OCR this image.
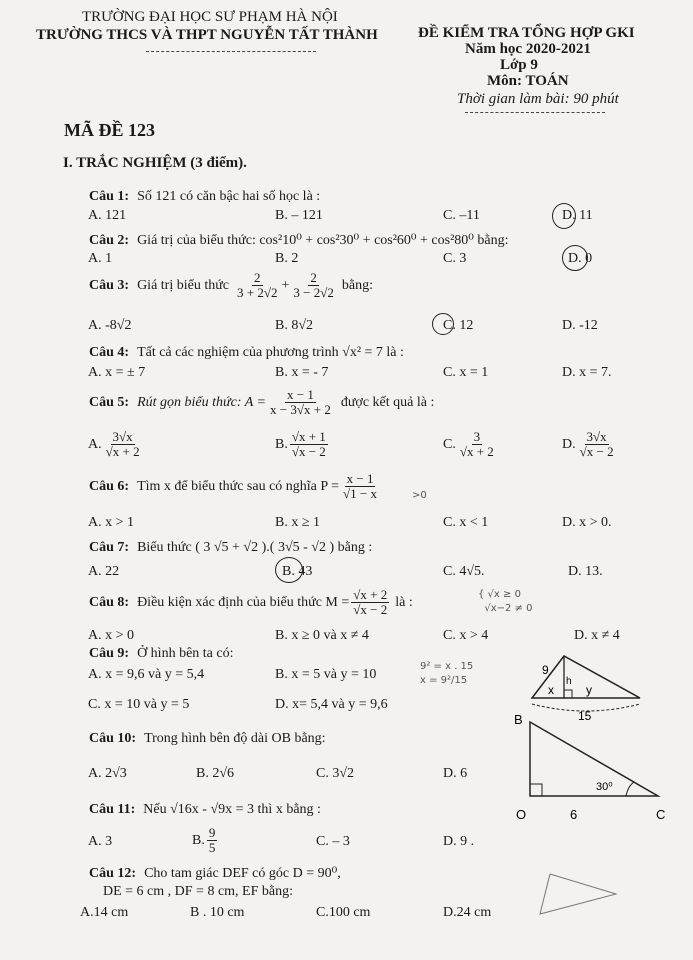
TRƯỜNG ĐẠI HỌC SƯ PHẠM HÀ NỘI
TRƯỜNG THCS VÀ THPT NGUYỄN TẤT THÀNH	ĐỀ KIỂM TRA TỔNG HỢP GKI
Năm học 2020-2021
Lớp 9
Môn: TOÁN
Thời gian làm bài: 90 phút
MÃ ĐỀ 123
I. TRẮC NGHIỆM (3 điểm).
Câu 1: Số 121 có căn bậc hai số học là :
A. 121	B. – 121	C. –11	D. 11
Câu 2: Giá trị của biểu thức: cos²10⁰ + cos²30⁰ + cos²60⁰ + cos²80⁰ bằng:
A. 1	B. 2	C. 3	D. 0
Câu 3: Giá trị biểu thức $\frac{2}{3 + 2√2} + \frac{2}{3 - 2√2}$ bằng:
A. -8√2	B. 8√2	C. 12	D. -12
Câu 4: Tất cả các nghiệm của phương trình √x² = 7 là :
A. x = ± 7	B. x = - 7	C. x = 1	D. x = 7.
Câu 5: Rút gọn biểu thức: $A = \frac{x - 1}{x - 3√x + 2}$ được kết quả là :
A. $\frac{3√x}{√x + 2}$	B. $\frac{√x + 1}{√x - 2}$	C. $\frac{3}{√x + 2}$	D. $\frac{3√x}{√x - 2}$
Câu 6: Tìm x để biểu thức sau có nghĩa $P = \frac{x - 1}{√1 - x}$	>0
A. x > 1	B. x ≥ 1	C. x < 1	D. x > 0.
Câu 7: Biểu thức ( 3 √5 + √2 ).( 3√5 - √2 ) bằng :
A. 22	B. 43	C. 4√5.	D. 13.
Câu 8: Điều kiện xác định của biểu thức $M = \frac{√x + 2}{√x - 2}$ là :	{ √x ≥ 0
√x−2 ≠ 0
A. x > 0	B. x ≥ 0 và x ≠ 4	C. x > 4	D. x ≠ 4
Câu 9: Ở hình bên ta có:
A. x = 9,6 và y = 5,4	B. x = 5 và y = 10
C. x = 10 và y = 5	D. x= 5,4 và y = 9,6
9² = x . 15
x = 9²/15
9
x	y
h
15
B
O	C
6
30⁰
Câu 10: Trong hình bên độ dài OB bằng:
A. 2√3	B. 2√6	C. 3√2	D. 6
Câu 11: Nếu √16x - √9x = 3 thì x bằng :
A. 3	B. $\frac{9}{5}$	C. – 3	D. 9 .
Câu 12: Cho tam giác DEF có góc D = 90⁰,
DE = 6 cm , DF = 8 cm, EF bằng:
A.14 cm	B . 10 cm	C.100 cm	D.24 cm
